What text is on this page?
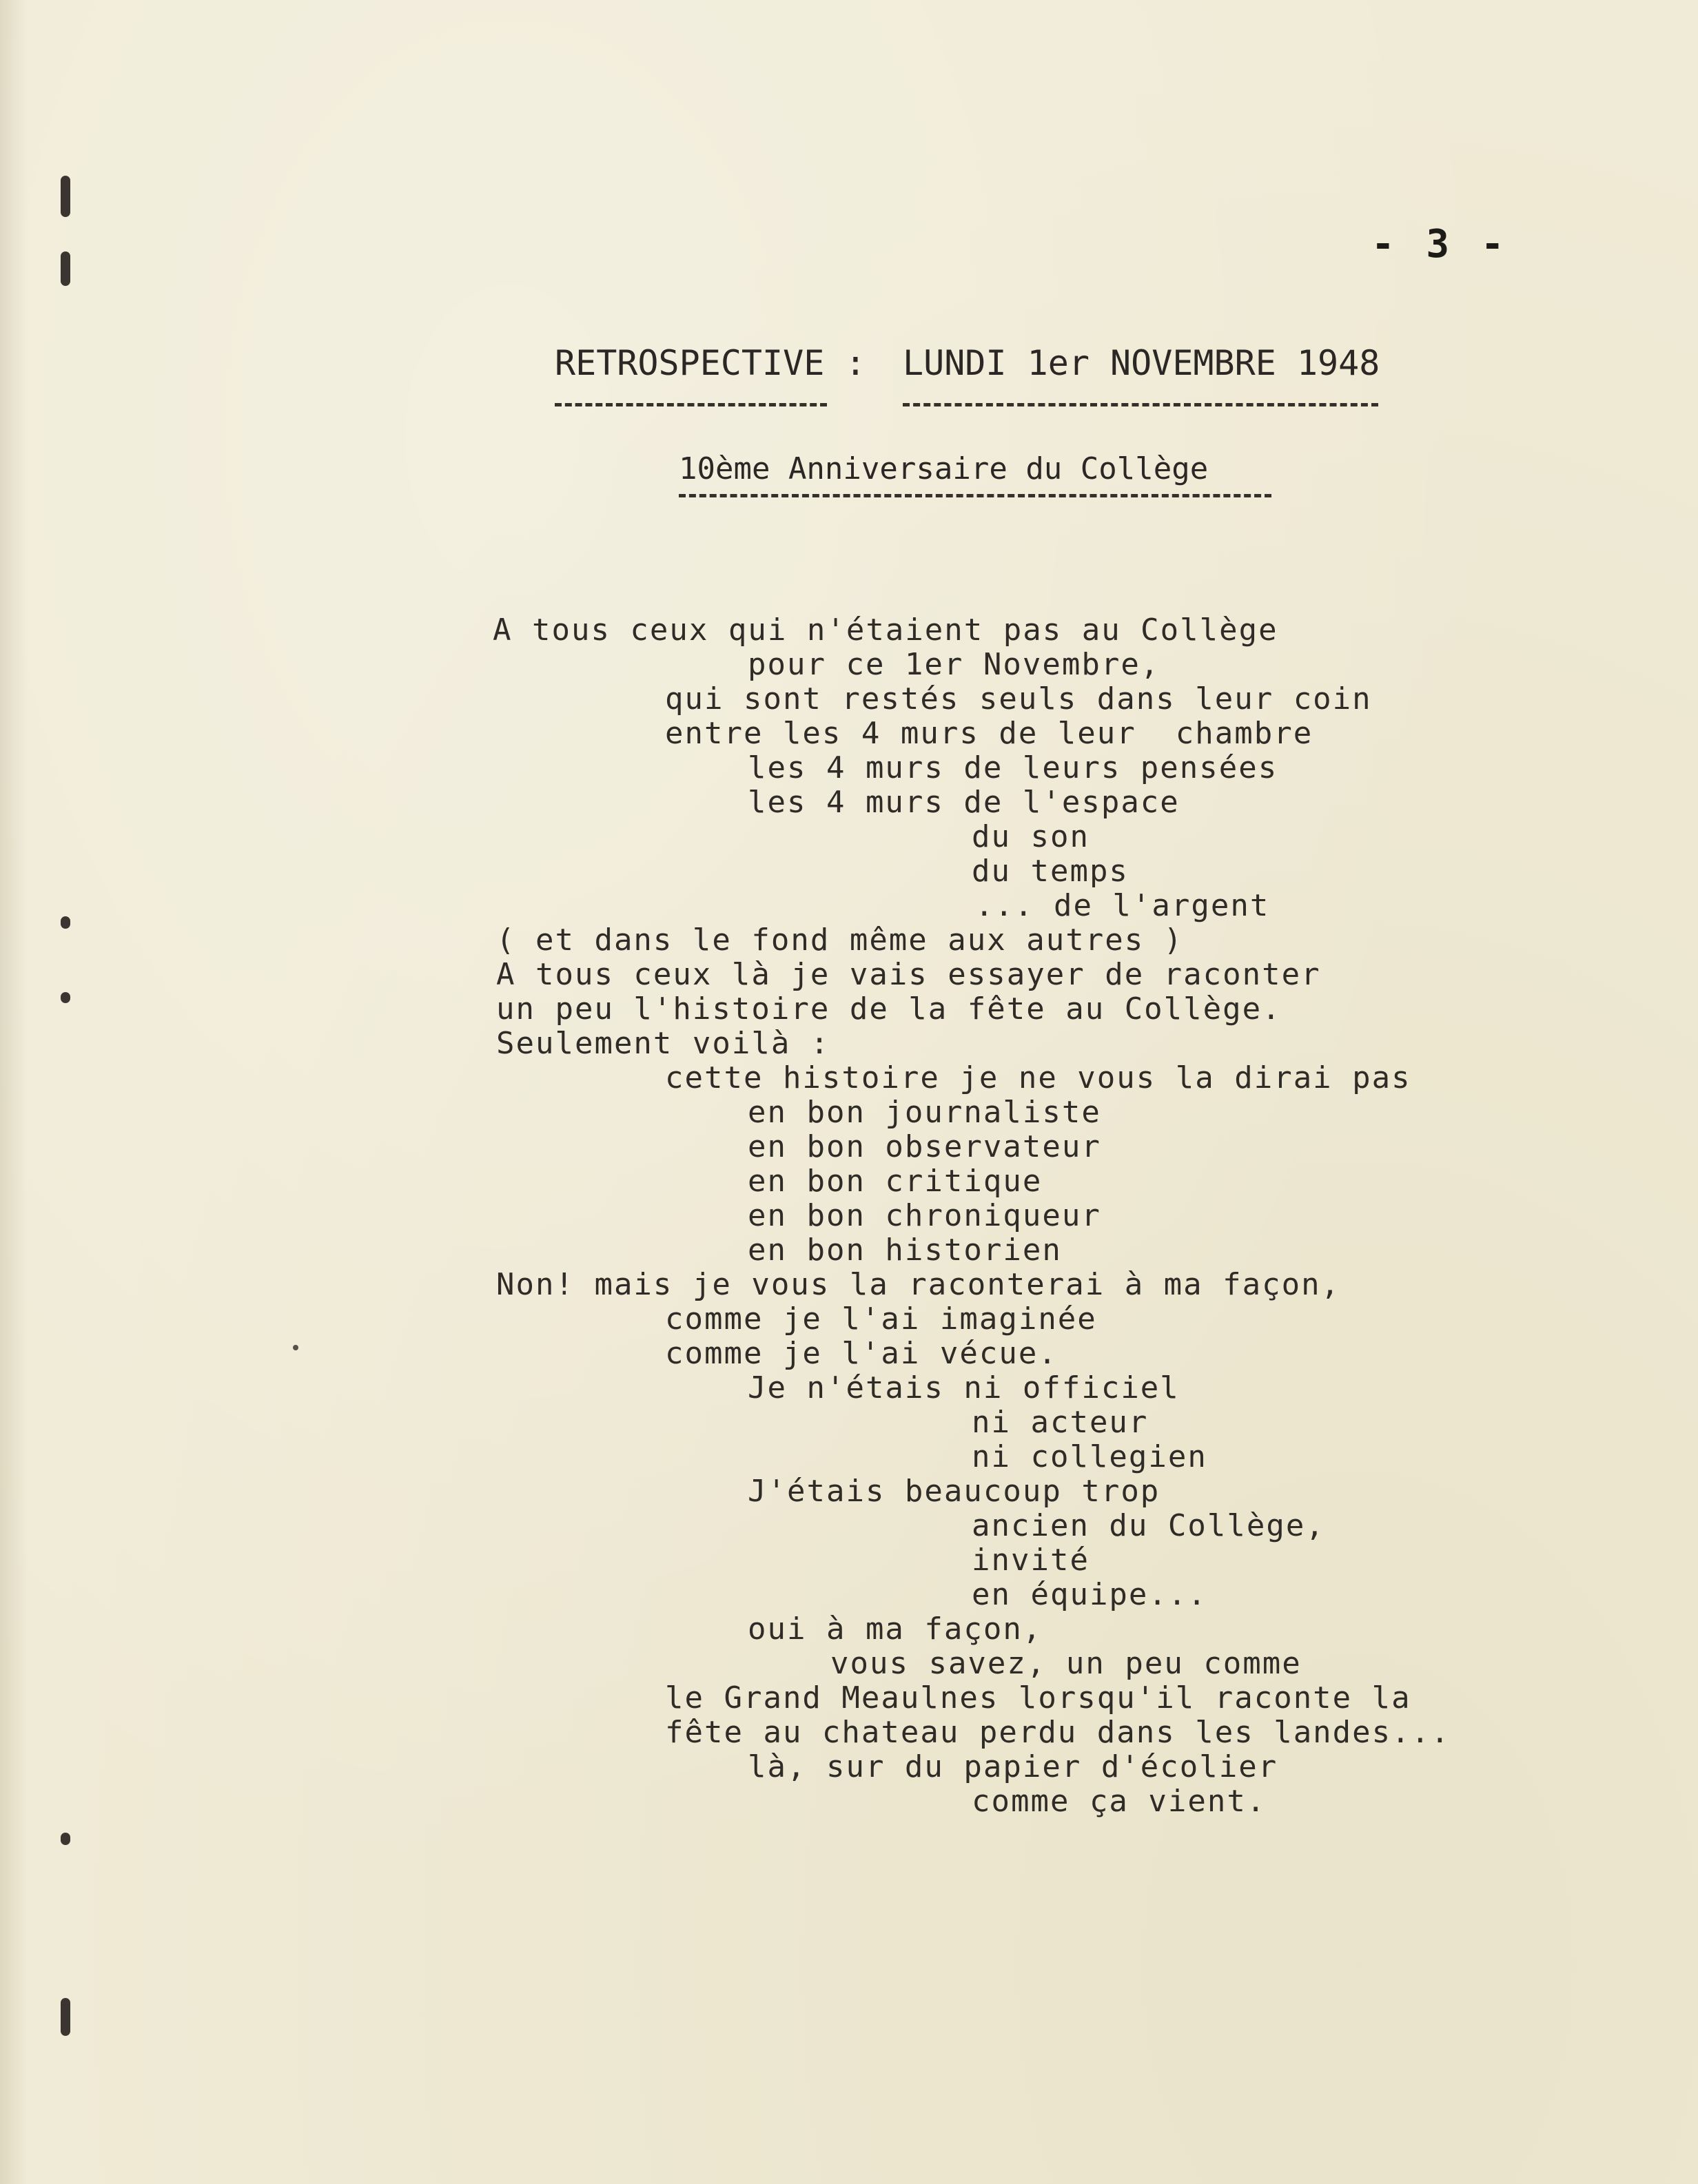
- 3 -
RETROSPECTIVE : LUNDI 1er NOVEMBRE 1948
10ème Anniversaire du Collège
A tous ceux qui n'étaient pas au Collège
pour ce 1er Novembre,
qui sont restés seuls dans leur coin
entre les 4 murs de leur  chambre
les 4 murs de leurs pensées
les 4 murs de l'espace
du son
du temps
... de l'argent
( et dans le fond même aux autres )
A tous ceux là je vais essayer de raconter
un peu l'histoire de la fête au Collège.
Seulement voilà :
cette histoire je ne vous la dirai pas
en bon journaliste
en bon observateur
en bon critique
en bon chroniqueur
en bon historien
Non! mais je vous la raconterai à ma façon,
comme je l'ai imaginée
comme je l'ai vécue.
Je n'étais ni officiel
ni acteur
ni collegien
J'étais beaucoup trop
ancien du Collège,
invité
en équipe...
oui à ma façon,
vous savez, un peu comme
le Grand Meaulnes lorsqu'il raconte la
fête au chateau perdu dans les landes...
là, sur du papier d'écolier
comme ça vient.
